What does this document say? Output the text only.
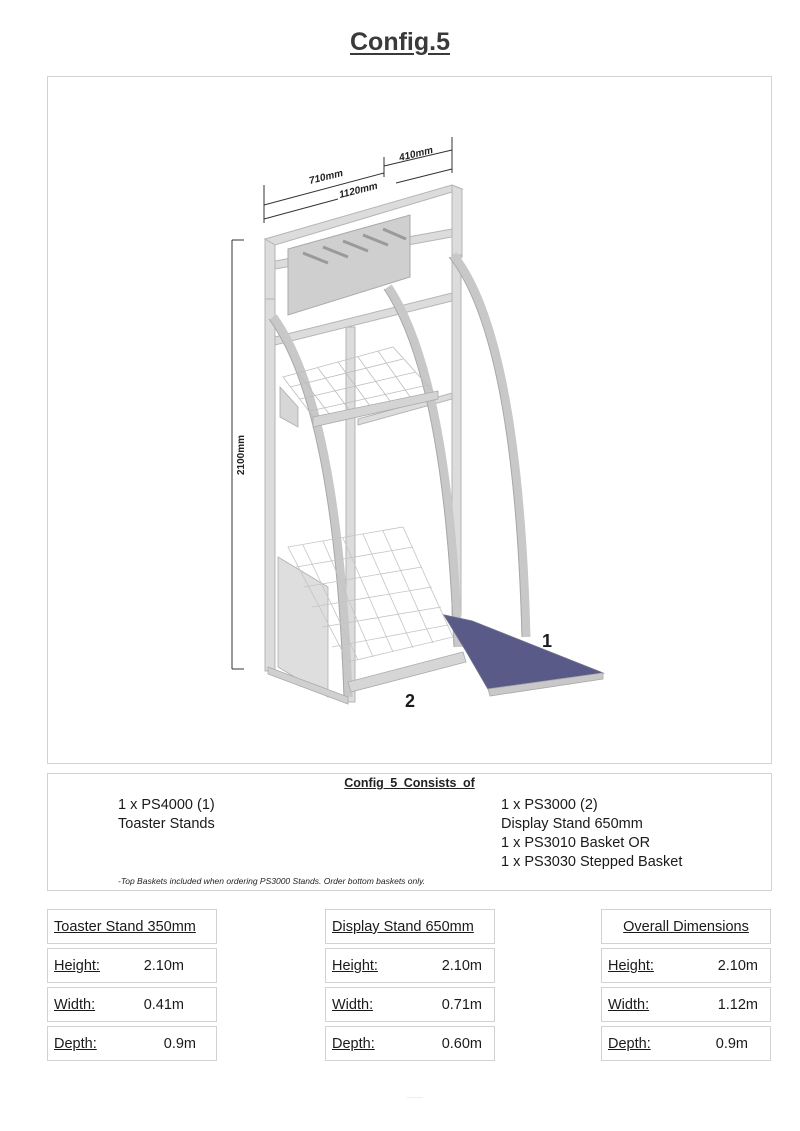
Config.5
710mm
410mm
1120mm
2100mm
1
2
Config 5 Consists of
1 x PS4000 (1)
Toaster Stands
1 x PS3000 (2)
Display Stand 650mm
1 x PS3010 Basket OR
1 x PS3030 Stepped Basket
-Top Baskets included when ordering PS3000 Stands. Order bottom baskets only.
Toaster Stand 350mm
Height:	2.10m
Width:	0.41m
Depth:	0.9m
Display Stand 650mm
Height:	2.10m
Width:	0.71m
Depth:	0.60m
Overall Dimensions
Height:	2.10m
Width:	1.12m
Depth:	0.9m
